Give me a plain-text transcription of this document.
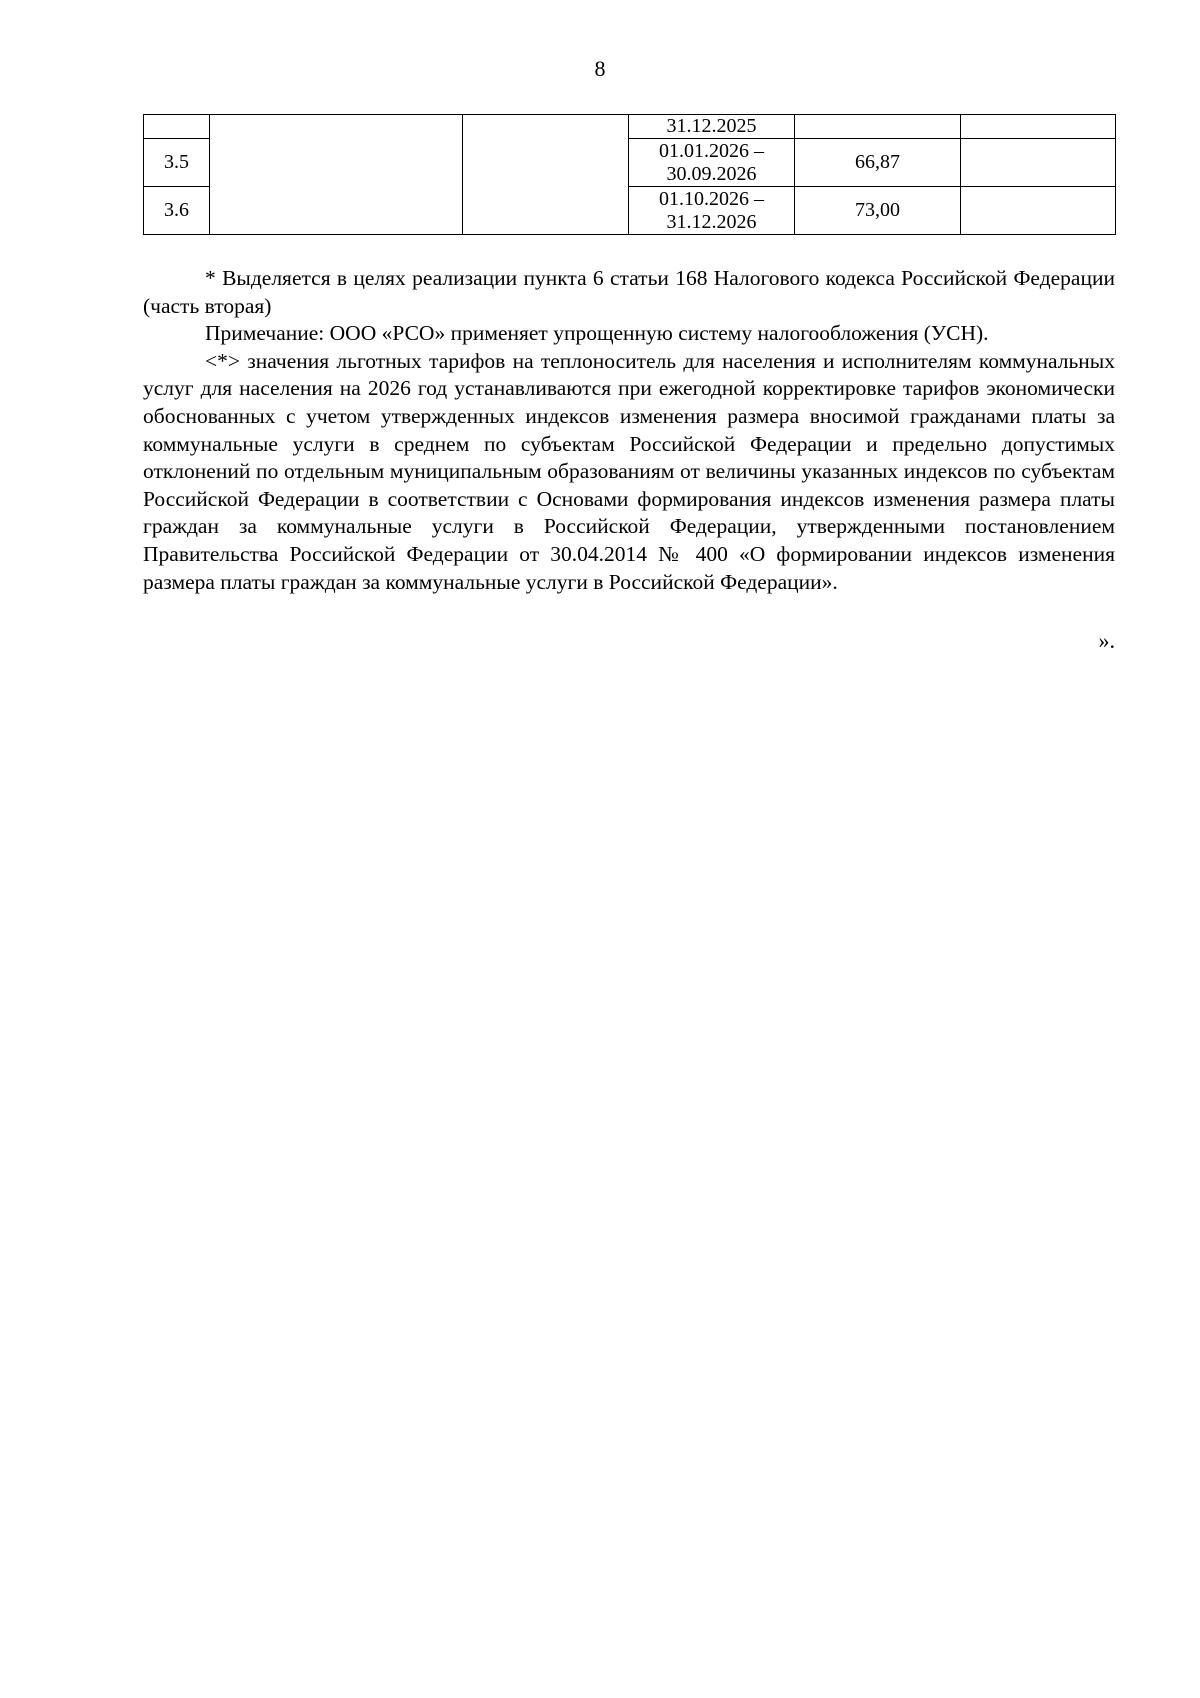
8
			31.12.2025		
3.5			01.01.2026 – 30.09.2026	66,87	
3.6			01.10.2026 – 31.12.2026	73,00	

* Выделяется в целях реализации пункта 6 статьи 168 Налогового кодекса Российской Федерации (часть вторая)

Примечание: ООО «РСО» применяет упрощенную систему налогообложения (УСН).

<*> значения льготных тарифов на теплоноситель для населения и исполнителям коммунальных услуг для населения на 2026 год устанавливаются при ежегодной корректировке тарифов экономически обоснованных с учетом утвержденных индексов изменения размера вносимой гражданами платы за коммунальные услуги в среднем по субъектам Российской Федерации и предельно допустимых отклонений по отдельным муниципальным образованиям от величины указанных индексов по субъектам Российской Федерации в соответствии с Основами формирования индексов изменения размера платы граждан за коммунальные услуги в Российской Федерации, утвержденными постановлением Правительства Российской Федерации от 30.04.2014 № 400 «О формировании индексов изменения размера платы граждан за коммунальные услуги в Российской Федерации».

».
